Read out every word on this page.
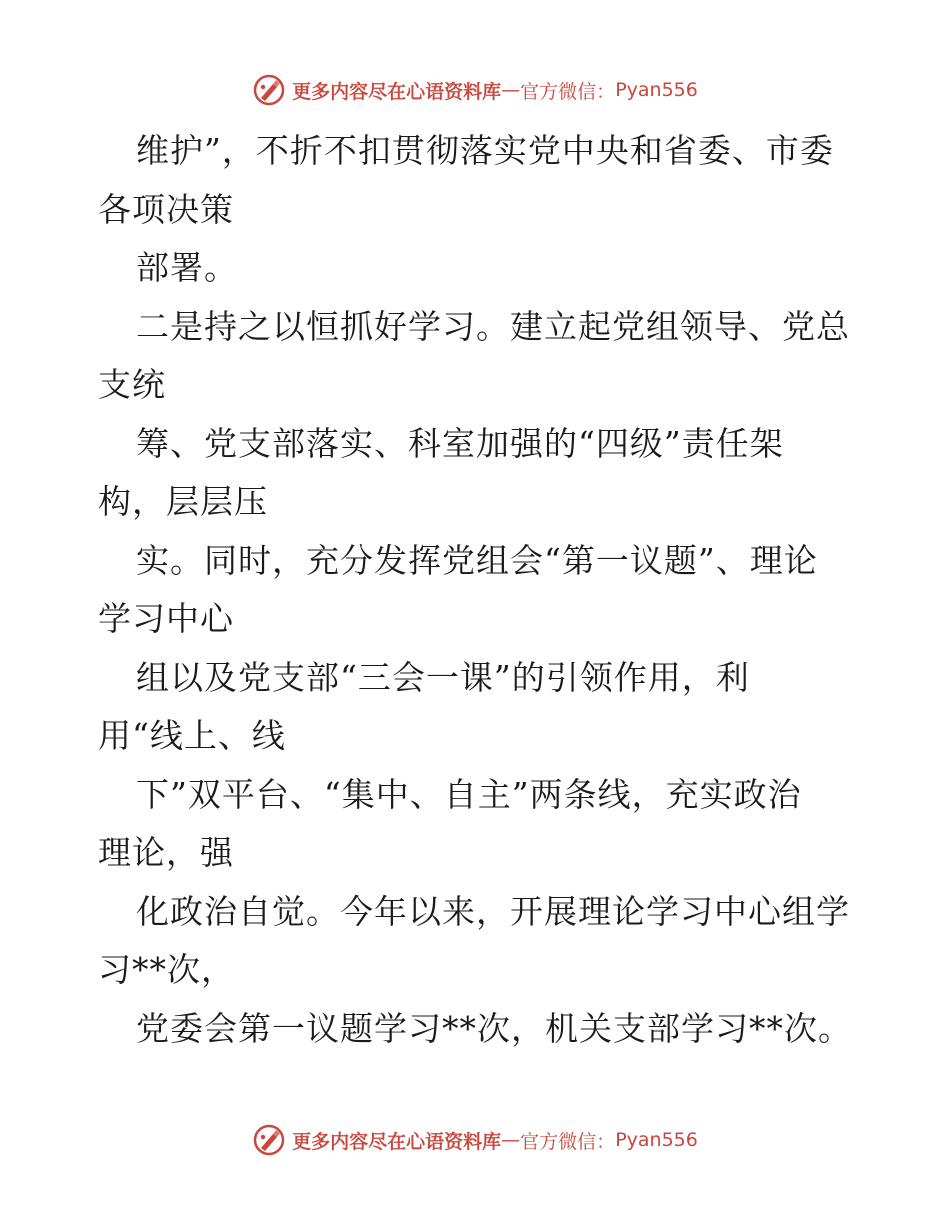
更多内容尽在心语资料库 — 官方微信： Pyan556
维护”，不折不扣贯彻落实党中央和省委、市委
各项决策
部署。
二是持之以恒抓好学习。建立起党组领导、党总
支统
筹、党支部落实、科室加强的“四级”责任架
构，层层压
实。同时，充分发挥党组会“第一议题”、理论
学习中心
组以及党支部“三会一课”的引领作用，利
用“线上、线
下”双平台、“集中、自主”两条线，充实政治
理论，强
化政治自觉。今年以来，开展理论学习中心组学
习**次，
党委会第一议题学习**次，机关支部学习**次。
更多内容尽在心语资料库 — 官方微信： Pyan556
